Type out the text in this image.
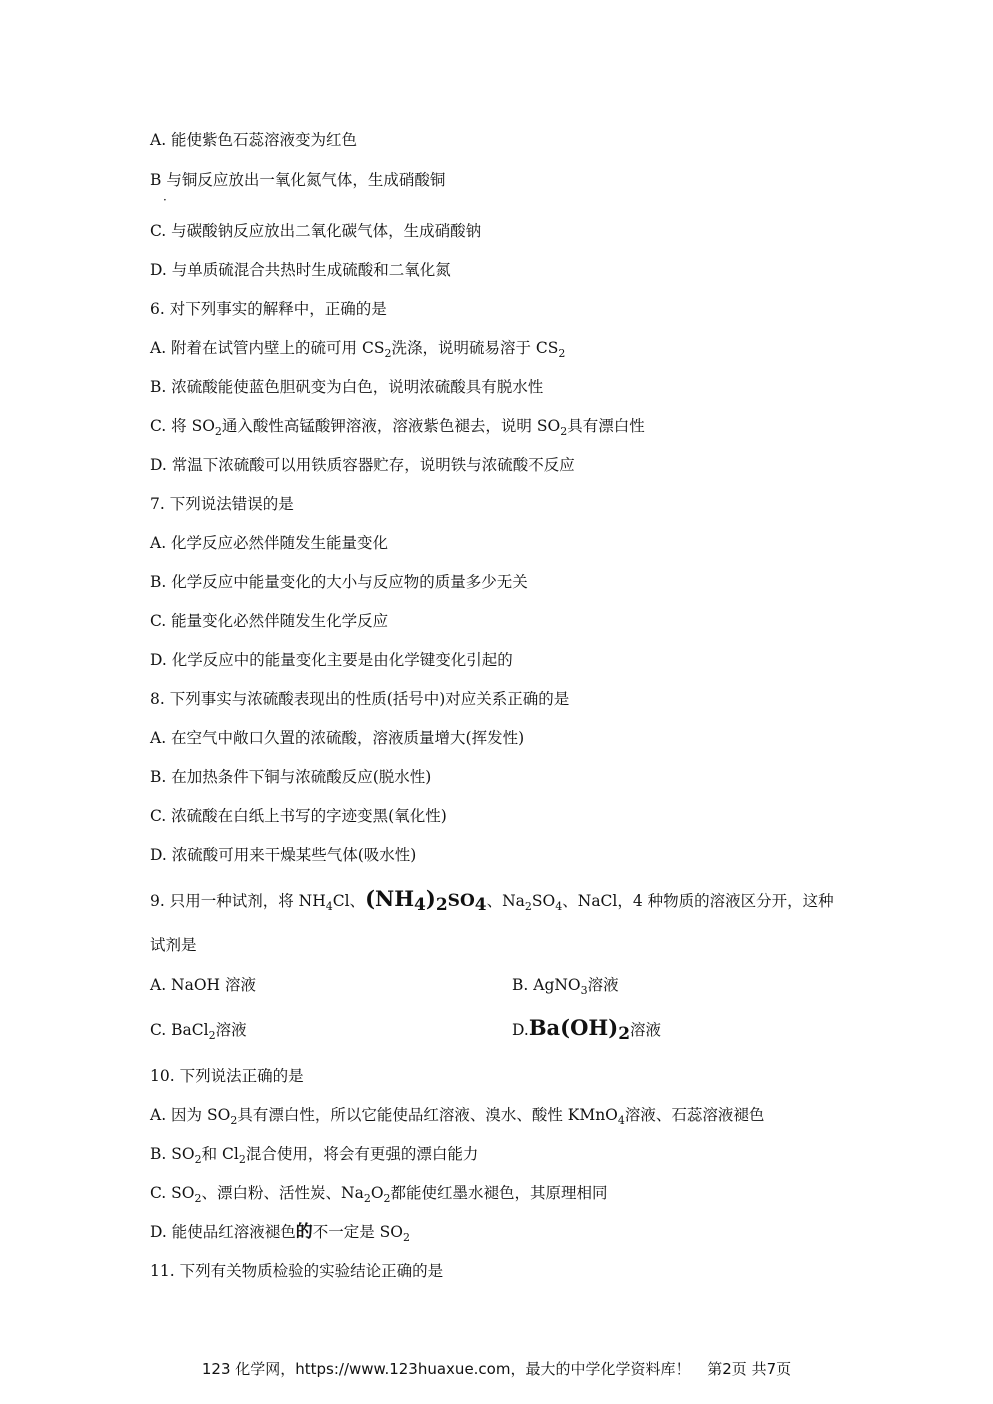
A. 能使紫色石蕊溶液变为红色
B 与铜反应放出一氧化氮气体，生成硝酸铜
·
C. 与碳酸钠反应放出二氧化碳气体，生成硝酸钠
D. 与单质硫混合共热时生成硫酸和二氧化氮
6. 对下列事实的解释中，正确的是
A. 附着在试管内壁上的硫可用 $CS_2$洗涤，说明硫易溶于 $CS_2$
B. 浓硫酸能使蓝色胆矾变为白色，说明浓硫酸具有脱水性
C. 将 $SO_2$通入酸性高锰酸钾溶液，溶液紫色褪去，说明 $SO_2$具有漂白性
D. 常温下浓硫酸可以用铁质容器贮存，说明铁与浓硫酸不反应
7. 下列说法错误的是
A. 化学反应必然伴随发生能量变化
B. 化学反应中能量变化的大小与反应物的质量多少无关
C. 能量变化必然伴随发生化学反应
D. 化学反应中的能量变化主要是由化学键变化引起的
8. 下列事实与浓硫酸表现出的性质(括号中)对应关系正确的是
A. 在空气中敞口久置的浓硫酸，溶液质量增大(挥发性)
B. 在加热条件下铜与浓硫酸反应(脱水性)
C. 浓硫酸在白纸上书写的字迹变黑(氧化性)
D. 浓硫酸可用来干燥某些气体(吸水性)
9. 只用一种试剂，将 $NH_4Cl$、$(NH_4)_2SO_4$、$Na_2SO_4$、NaCl，4 种物质的溶液区分开，这种
试剂是
A. NaOH 溶液	B. AgNO$_3$溶液
C. BaCl$_2$溶液	$D.Ba(OH)_2$溶液
10. 下列说法正确的是
A. 因为 $SO_2$具有漂白性，所以它能使品红溶液、溴水、酸性 KMnO$_4$溶液、石蕊溶液褪色
B. $SO_2$和 $Cl_2$混合使用，将会有更强的漂白能力
C. $SO_2$、漂白粉、活性炭、$Na_2O_2$都能使红墨水褪色，其原理相同
D. 能使品红溶液褪色的不一定是 $SO_2$
11. 下列有关物质检验的实验结论正确的是
123 化学网，https://www.123huaxue.com，最大的中学化学资料库！ 第2页 共7页
